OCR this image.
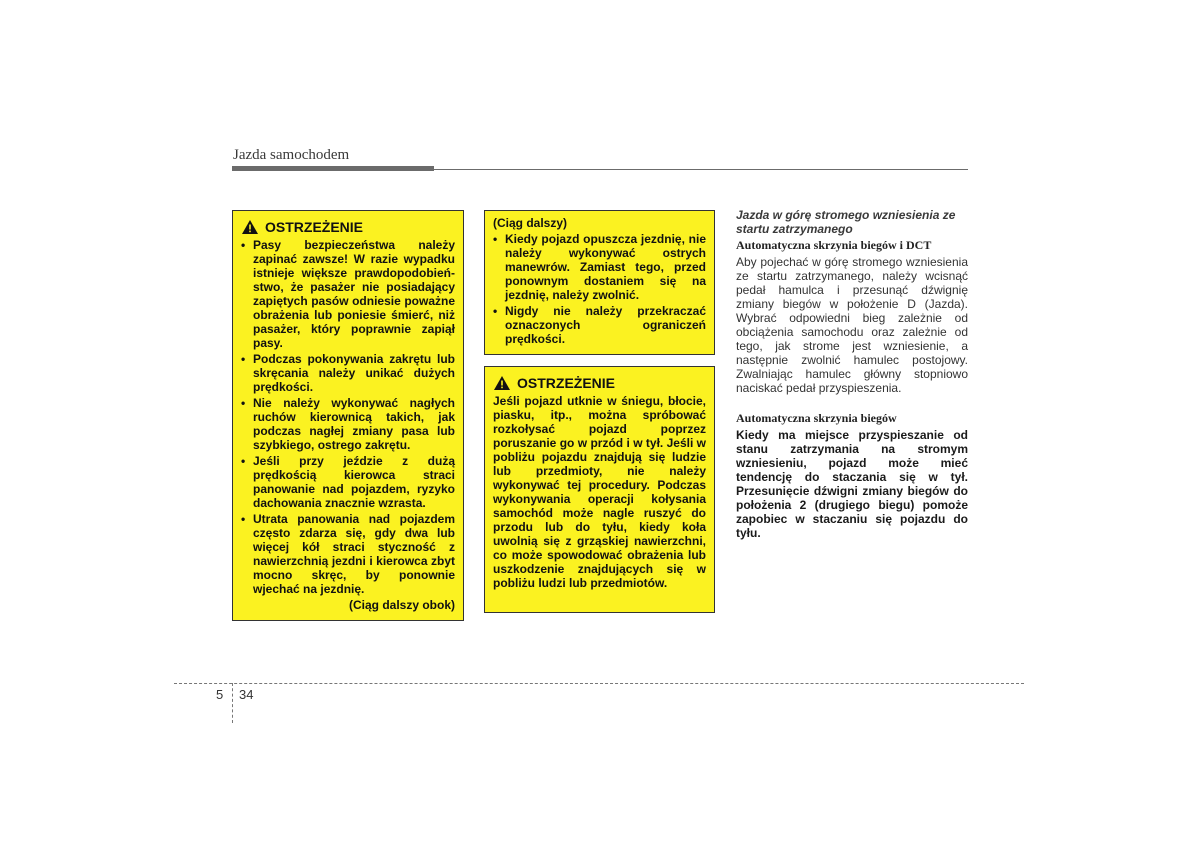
Jazda samochodem
OSTRZEŻENIE
• Pasy bezpieczeństwa należy zapinać zawsze! W razie wypadku istnieje większe prawdopodobień-stwo, że pasażer nie posiadający zapiętych pasów odniesie poważne obrażenia lub poniesie śmierć, niż pasażer, który poprawnie zapiął pasy.
• Podczas pokonywania zakrętu lub skręcania należy unikać dużych prędkości.
• Nie należy wykonywać nagłych ruchów kierownicą takich, jak podczas nagłej zmiany pasa lub szybkiego, ostrego zakrętu.
• Jeśli przy jeździe z dużą prędkością kierowca straci panowanie nad pojazdem, ryzyko dachowania znacznie wzrasta.
• Utrata panowania nad pojazdem często zdarza się, gdy dwa lub więcej kół straci styczność z nawierzchnią jezdni i kierowca zbyt mocno skręc, by ponownie wjechać na jezdnię.
(Ciąg dalszy obok)
(Ciąg dalszy)
• Kiedy pojazd opuszcza jezdnię, nie należy wykonywać ostrych manewrów. Zamiast tego, przed ponownym dostaniem się na jezdnię, należy zwolnić.
• Nigdy nie należy przekraczać oznaczonych ograniczeń prędkości.
OSTRZEŻENIE
Jeśli pojazd utknie w śniegu, błocie, piasku, itp., można spróbować rozkołysać pojazd poprzez poruszanie go w przód i w tył. Jeśli w pobliżu pojazdu znajdują się ludzie lub przedmioty, nie należy wykonywać tej procedury. Podczas wykonywania operacji kołysania samochód może nagle ruszyć do przodu lub do tyłu, kiedy koła uwolnią się z grząskiej nawierzchni, co może spowodować obrażenia lub uszkodzenie znajdujących się w pobliżu ludzi lub przedmiotów.
Jazda w górę stromego wzniesienia ze startu zatrzymanego
Automatyczna skrzynia biegów i DCT
Aby pojechać w górę stromego wzniesienia ze startu zatrzymanego, należy wcisnąć pedał hamulca i przesunąć dźwignię zmiany biegów w położenie D (Jazda). Wybrać odpowiedni bieg zależnie od obciążenia samochodu oraz zależnie od tego, jak strome jest wzniesienie, a następnie zwolnić hamulec postojowy. Zwalniając hamulec główny stopniowo naciskać pedał przyspieszenia.
Automatyczna skrzynia biegów
Kiedy ma miejsce przyspieszanie od stanu zatrzymania na stromym wzniesieniu, pojazd może mieć tendencję do staczania się w tył. Przesunięcie dźwigni zmiany biegów do położenia 2 (drugiego biegu) pomoże zapobiec w staczaniu się pojazdu do tyłu.
5 34
